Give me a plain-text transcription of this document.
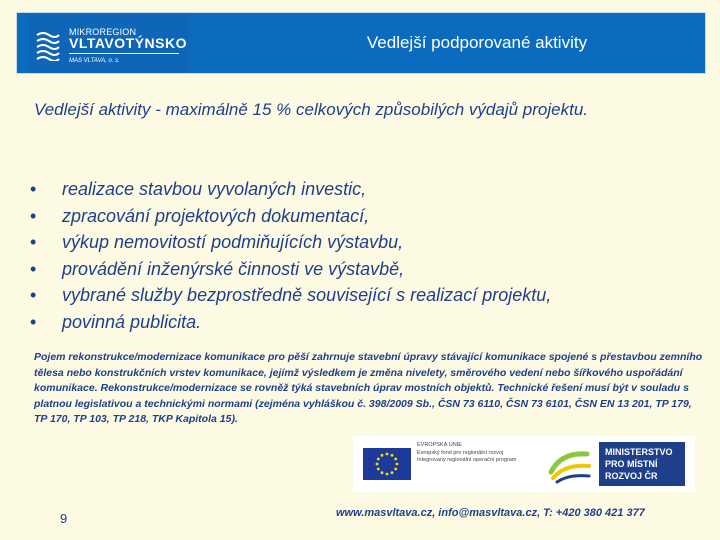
MIKROREGION
VLTAVOTÝNSKO
MAS VLTAVA, o. s.
Vedlejší podporované aktivity
Vedlejší aktivity - maximálně 15 % celkových způsobilých výdajů projektu.
• realizace stavbou vyvolaných investic,
• zpracování projektových dokumentací,
• výkup nemovitostí podmiňujících výstavbu,
• provádění inženýrské činnosti ve výstavbě,
• vybrané služby bezprostředně související s realizací projektu,
• povinná publicita.
Pojem rekonstrukce/modernizace komunikace pro pěší zahrnuje stavební úpravy stávající komunikace spojené s přestavbou zemního tělesa nebo konstrukčních vrstev komunikace, jejímž výsledkem je změna nivelety, směrového vedení nebo šířkového uspořádání komunikace. Rekonstrukce/modernizace se rovněž týká stavebních úprav mostních objektů. Technické řešení musí být v souladu s platnou legislativou a technickými normami (zejména vyhláškou č. 398/2009 Sb., ČSN 73 6110, ČSN 73 6101, ČSN EN 13 201, TP 179, TP 170, TP 103, TP 218, TKP Kapitola 15).
EVROPSKÁ UNIE
Evropský fond pro regionální rozvoj
Integrovaný regionální operační program
MINISTERSTVO
PRO MÍSTNÍ
ROZVOJ ČR
9	www.masvltava.cz, info@masvltava.cz, T: +420 380 421 377
